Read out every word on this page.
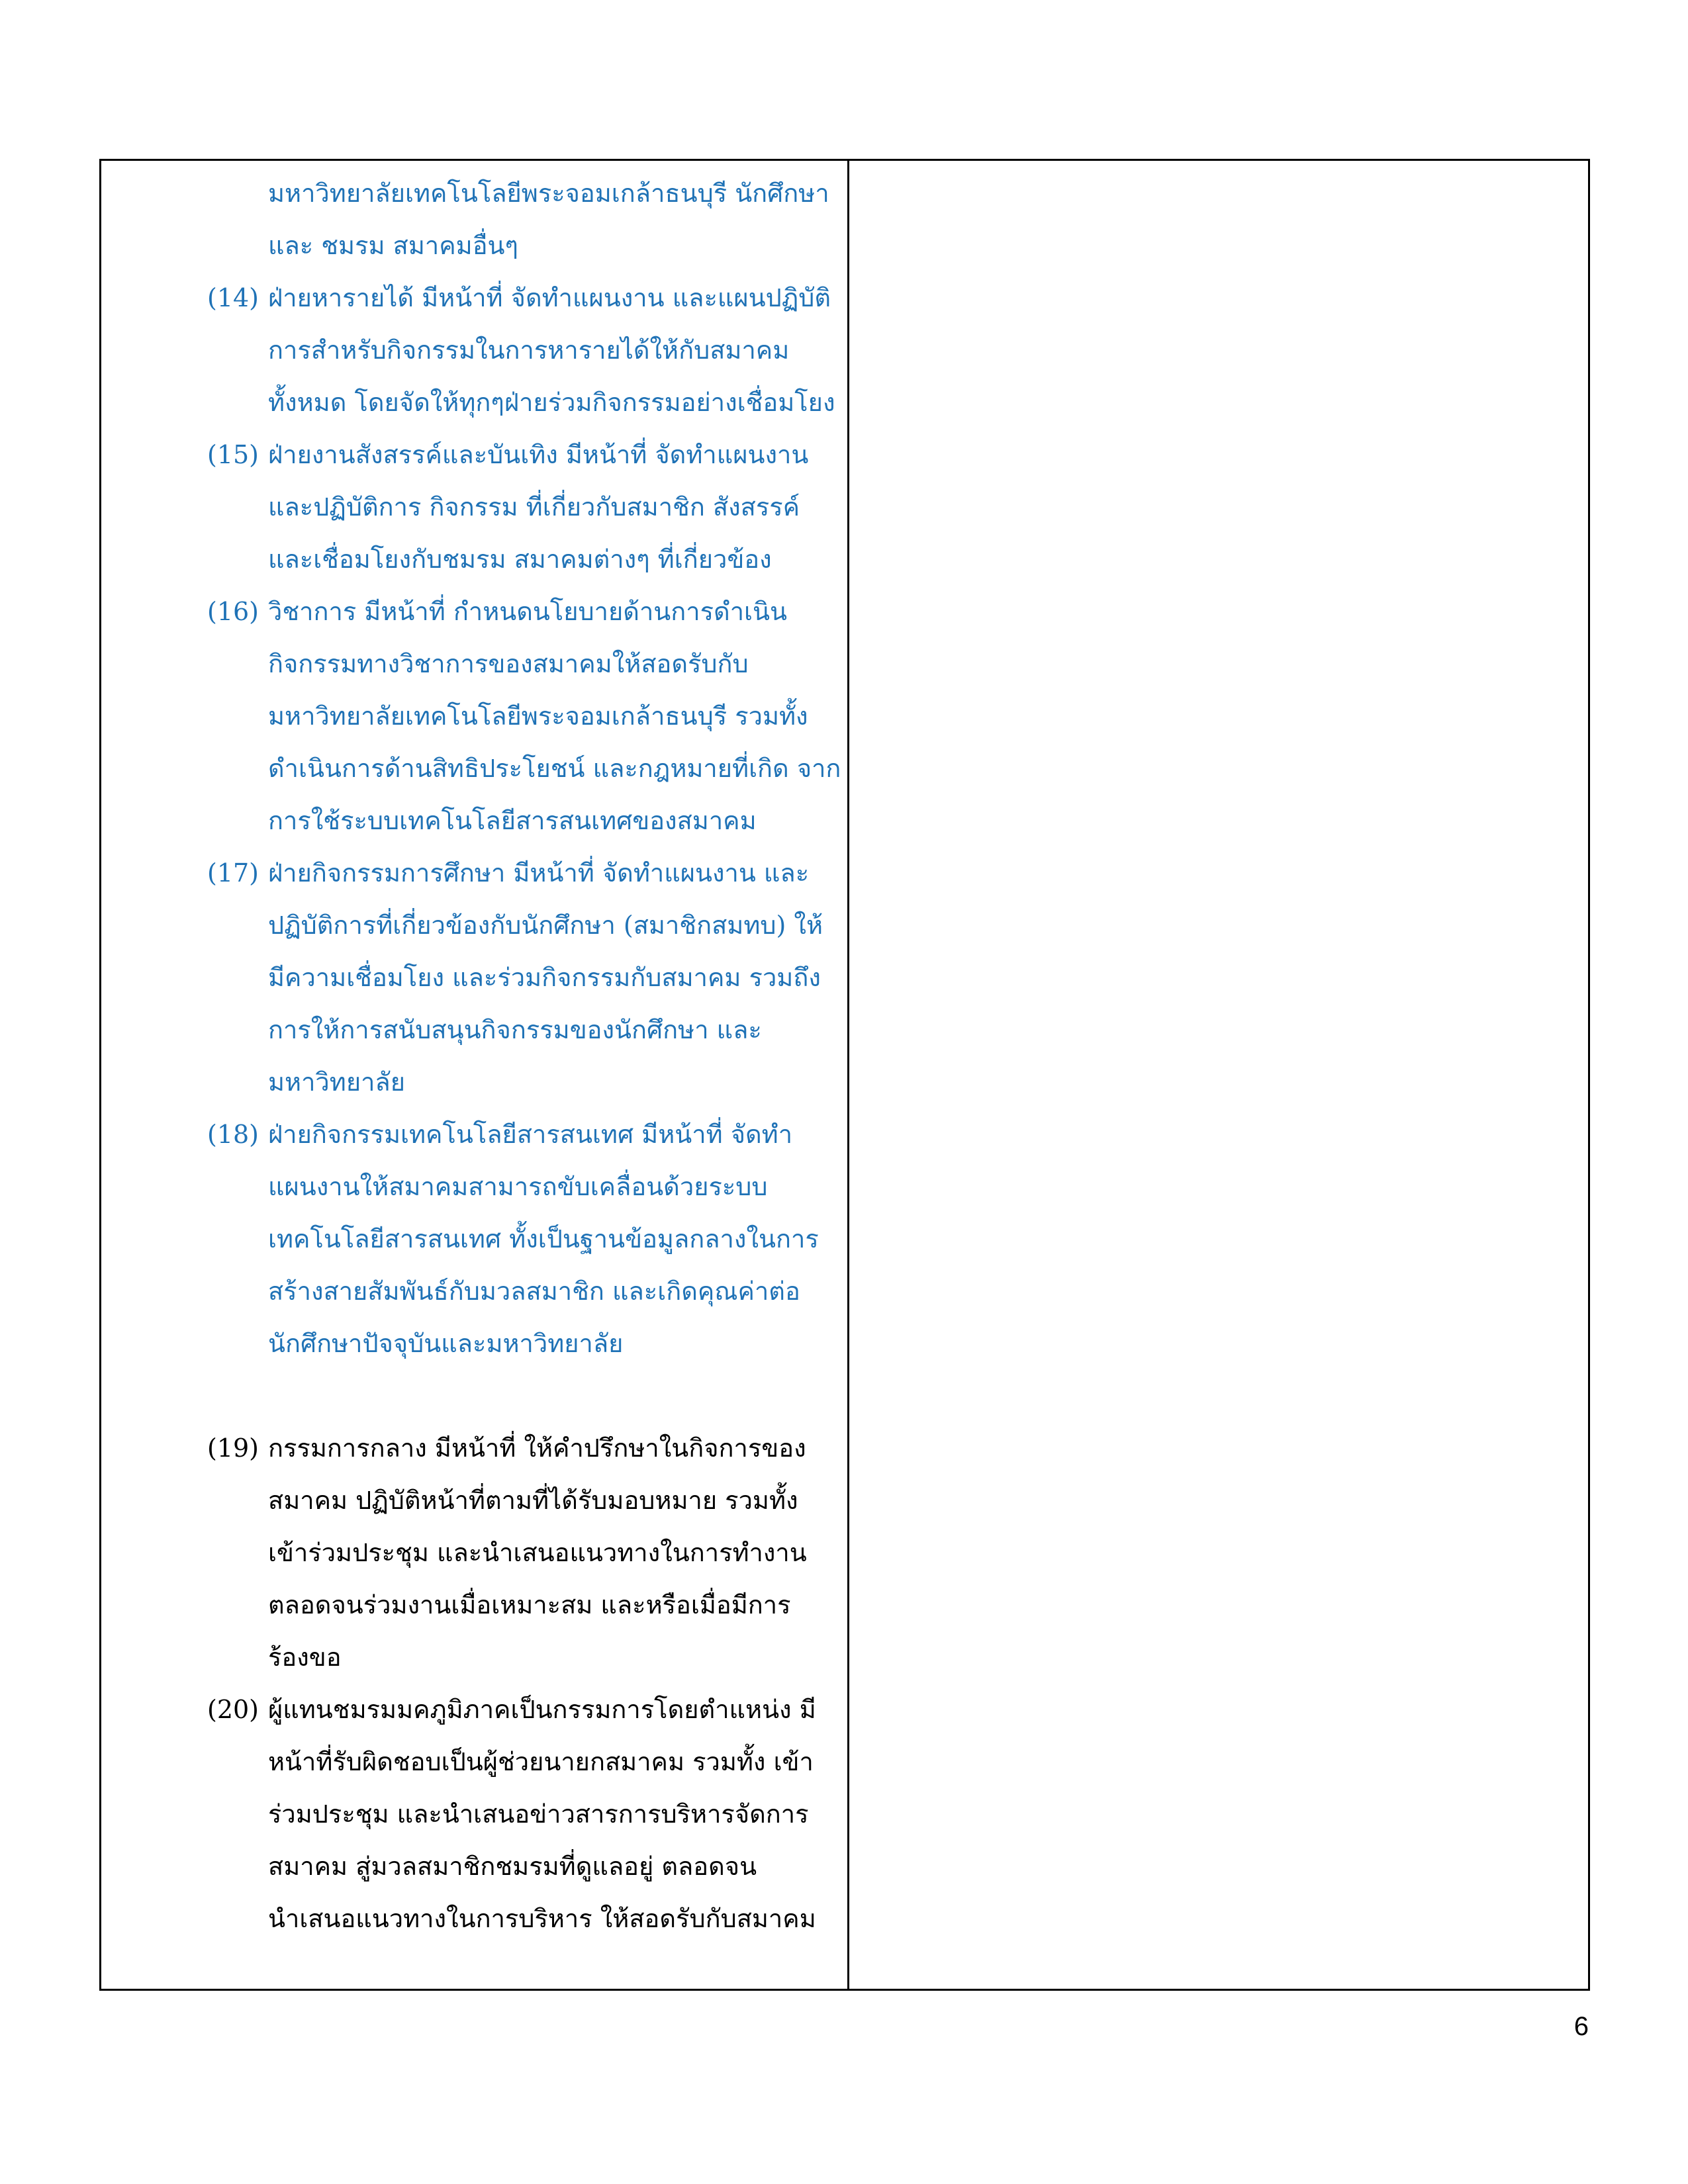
มหาวิทยาลัยเทคโนโลยีพระจอมเกล้าธนบุรี นักศึกษา
และ ชมรม สมาคมอื่นๆ
(14) ฝ่ายหารายได้ มีหน้าที่ จัดทำแผนงาน และแผนปฏิบัติ
การสำหรับกิจกรรมในการหารายได้ให้กับสมาคม
ทั้งหมด โดยจัดให้ทุกๆฝ่ายร่วมกิจกรรมอย่างเชื่อมโยง
(15) ฝ่ายงานสังสรรค์และบันเทิง มีหน้าที่ จัดทำแผนงาน
และปฏิบัติการ กิจกรรม ที่เกี่ยวกับสมาชิก สังสรรค์
และเชื่อมโยงกับชมรม สมาคมต่างๆ ที่เกี่ยวข้อง
(16) วิชาการ มีหน้าที่ กำหนดนโยบายด้านการดำเนิน
กิจกรรมทางวิชาการของสมาคมให้สอดรับกับ
มหาวิทยาลัยเทคโนโลยีพระจอมเกล้าธนบุรี รวมทั้ง
ดำเนินการด้านสิทธิประโยชน์ และกฎหมายที่เกิด จาก
การใช้ระบบเทคโนโลยีสารสนเทศของสมาคม
(17) ฝ่ายกิจกรรมการศึกษา มีหน้าที่ จัดทำแผนงาน และ
ปฏิบัติการที่เกี่ยวข้องกับนักศึกษา (สมาชิกสมทบ) ให้
มีความเชื่อมโยง และร่วมกิจกรรมกับสมาคม รวมถึง
การให้การสนับสนุนกิจกรรมของนักศึกษา และ
มหาวิทยาลัย
(18) ฝ่ายกิจกรรมเทคโนโลยีสารสนเทศ มีหน้าที่ จัดทำ
แผนงานให้สมาคมสามารถขับเคลื่อนด้วยระบบ
เทคโนโลยีสารสนเทศ ทั้งเป็นฐานข้อมูลกลางในการ
สร้างสายสัมพันธ์กับมวลสมาชิก และเกิดคุณค่าต่อ
นักศึกษาปัจจุบันและมหาวิทยาลัย
(19) กรรมการกลาง มีหน้าที่ ให้คำปรึกษาในกิจการของ
สมาคม ปฏิบัติหน้าที่ตามที่ได้รับมอบหมาย รวมทั้ง
เข้าร่วมประชุม และนำเสนอแนวทางในการทำงาน
ตลอดจนร่วมงานเมื่อเหมาะสม และหรือเมื่อมีการ
ร้องขอ
(20) ผู้แทนชมรมมคภูมิภาคเป็นกรรมการโดยตำแหน่ง มี
หน้าที่รับผิดชอบเป็นผู้ช่วยนายกสมาคม รวมทั้ง เข้า
ร่วมประชุม และนำเสนอข่าวสารการบริหารจัดการ
สมาคม สู่มวลสมาชิกชมรมที่ดูแลอยู่ ตลอดจน
นำเสนอแนวทางในการบริหาร ให้สอดรับกับสมาคม
6
